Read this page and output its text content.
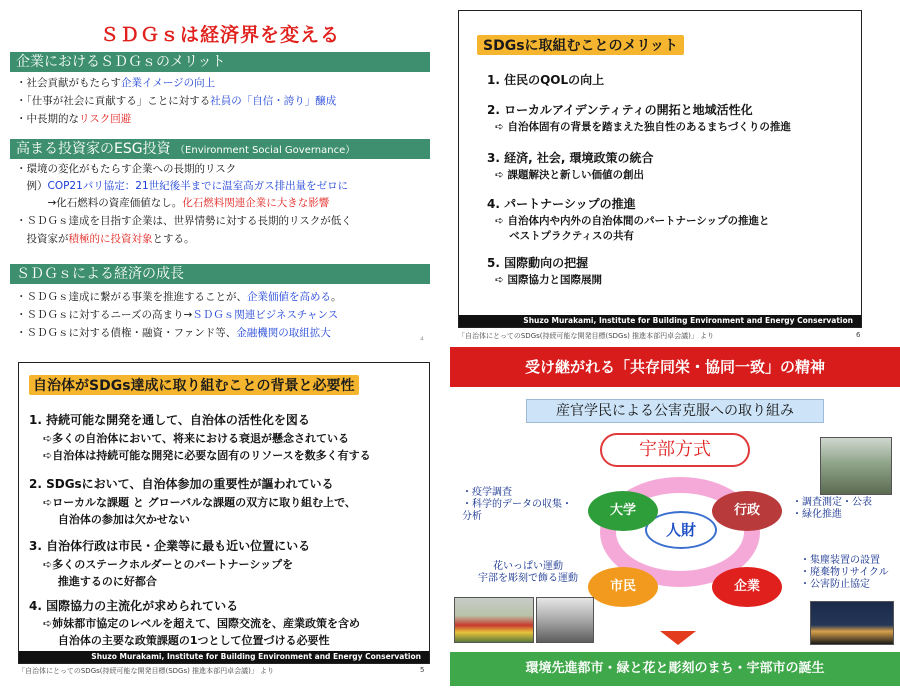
ＳＤＧｓは経済界を変える
企業におけるＳＤＧｓのメリット
・社会貢献がもたらす企業イメージの向上
・「仕事が社会に貢献する」ことに対する社員の「自信・誇り」醸成
・中長期的なリスク回避
高まる投資家のESG投資 （Environment Social Governance）
・環境の変化がもたらす企業への長期的リスク
　例）COP21パリ協定：21世紀後半までに温室高ガス排出量をゼロに
　　　→化石燃料の資産価値なし。化石燃料関連企業に大きな影響
・ＳＤＧｓ達成を目指す企業は、世界情勢に対する長期的リスクが低く
　投資家が積極的に投資対象とする。
ＳＤＧｓによる経済の成長
・ＳＤＧｓ達成に繋がる事業を推進することが、企業価値を高める。
・ＳＤＧｓに対するニーズの高まり→ＳＤＧｓ関連ビジネスチャンス
・ＳＤＧｓに対する債権・融資・ファンド等、金融機関の取組拡大
4
SDGsに取組むことのメリット
1. 住民のQOLの向上
2. ローカルアイデンティティの開拓と地域活性化
➪ 自治体固有の背景を踏まえた独自性のあるまちづくりの推進
3. 経済, 社会, 環境政策の統合
➪ 課題解決と新しい価値の創出
4. パートナーシップの推進
➪ 自治体内や内外の自治体間のパートナーシップの推進と
　 ベストプラクティスの共有
5. 国際動向の把握
➪ 国際協力と国際展開
Shuzo Murakami, Institute for Building Environment and Energy Conservation
「自治体にとってのSDGs(持続可能な開発目標(SDGs) 推進本部円卓会議)」 より	6
自治体がSDGs達成に取り組むことの背景と必要性
1. 持続可能な開発を通して、自治体の活性化を図る
➪多くの自治体において、将来における衰退が懸念されている
➪自治体は持続可能な開発に必要な固有のリソースを数多く有する
2. SDGsにおいて、自治体参加の重要性が謳われている
➪ローカルな課題 と グローバルな課題の双方に取り組む上で、
　 自治体の参加は欠かせない
3. 自治体行政は市民・企業等に最も近い位置にいる
➪多くのステークホルダーとのパートナーシップを
　 推進するのに好都合
4. 国際協力の主流化が求められている
➪姉妹都市協定のレベルを超えて、国際交流を、産業政策を含め
　 自治体の主要な政策課題の1つとして位置づける必要性
Shuzo Murakami, Institute for Building Environment and Energy Conservation
「自治体にとってのSDGs(持続可能な開発目標(SDGs) 推進本部円卓会議)」 より	5
受け継がれる「共存同栄・協同一致」の精神
産官学民による公害克服への取り組み
宇部方式
人財
大学	行政
市民	企業
・疫学調査
・科学的データの収集・
分析
・調査測定・公表
・緑化推進
・集塵装置の設置
・廃棄物リサイクル
・公害防止協定
花いっぱい運動
宇部を彫刻で飾る運動
環境先進都市・緑と花と彫刻のまち・宇部市の誕生
